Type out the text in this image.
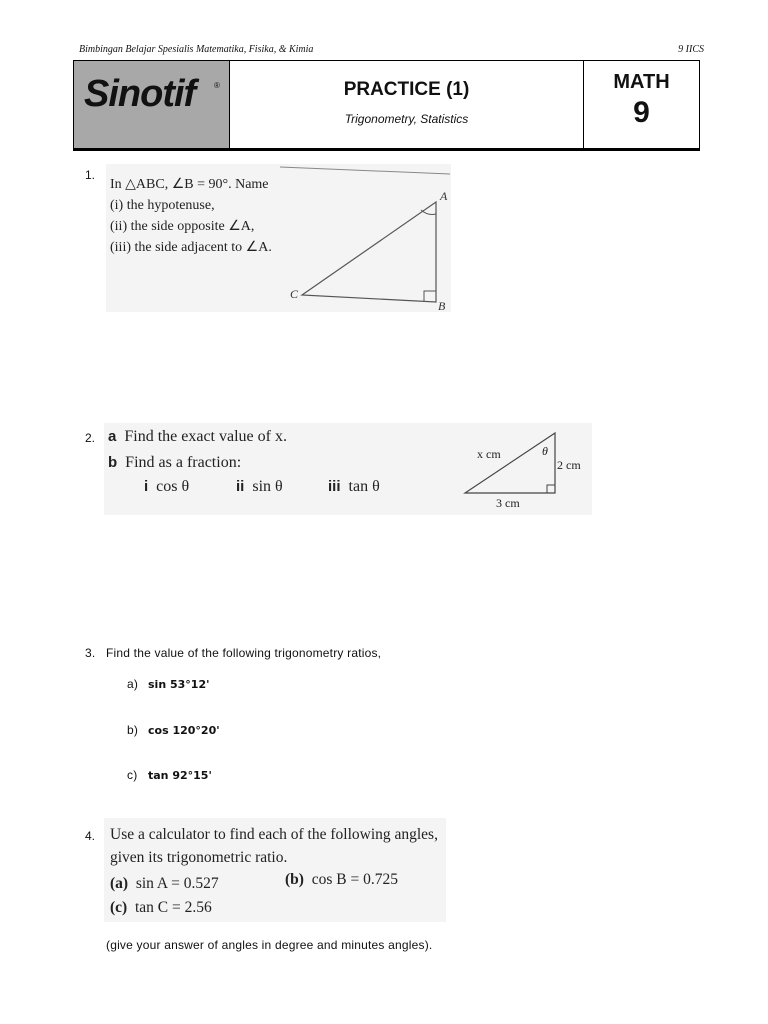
Bimbingan Belajar Spesialis Matematika, Fisika, & Kimia	9 IICS
Sinotif ®	PRACTICE (1)
Trigonometry, Statistics
MATH
9
1.
In △ABC, ∠B = 90°. Name
(i) the hypotenuse,
(ii) the side opposite ∠A,
(iii) the side adjacent to ∠A.
A
B
C
2. a Find the exact value of x.
b Find as a fraction:
i cos θ	ii sin θ	iii tan θ
x cm	θ
2 cm
3 cm
3. Find the value of the following trigonometry ratios,
a) sin 53°12'
b) cos 120°20'
c) tan 92°15'
4. Use a calculator to find each of the following angles,
given its trigonometric ratio.
(a) sin A = 0.527	(b) cos B = 0.725
(c) tan C = 2.56
(give your answer of angles in degree and minutes angles).
